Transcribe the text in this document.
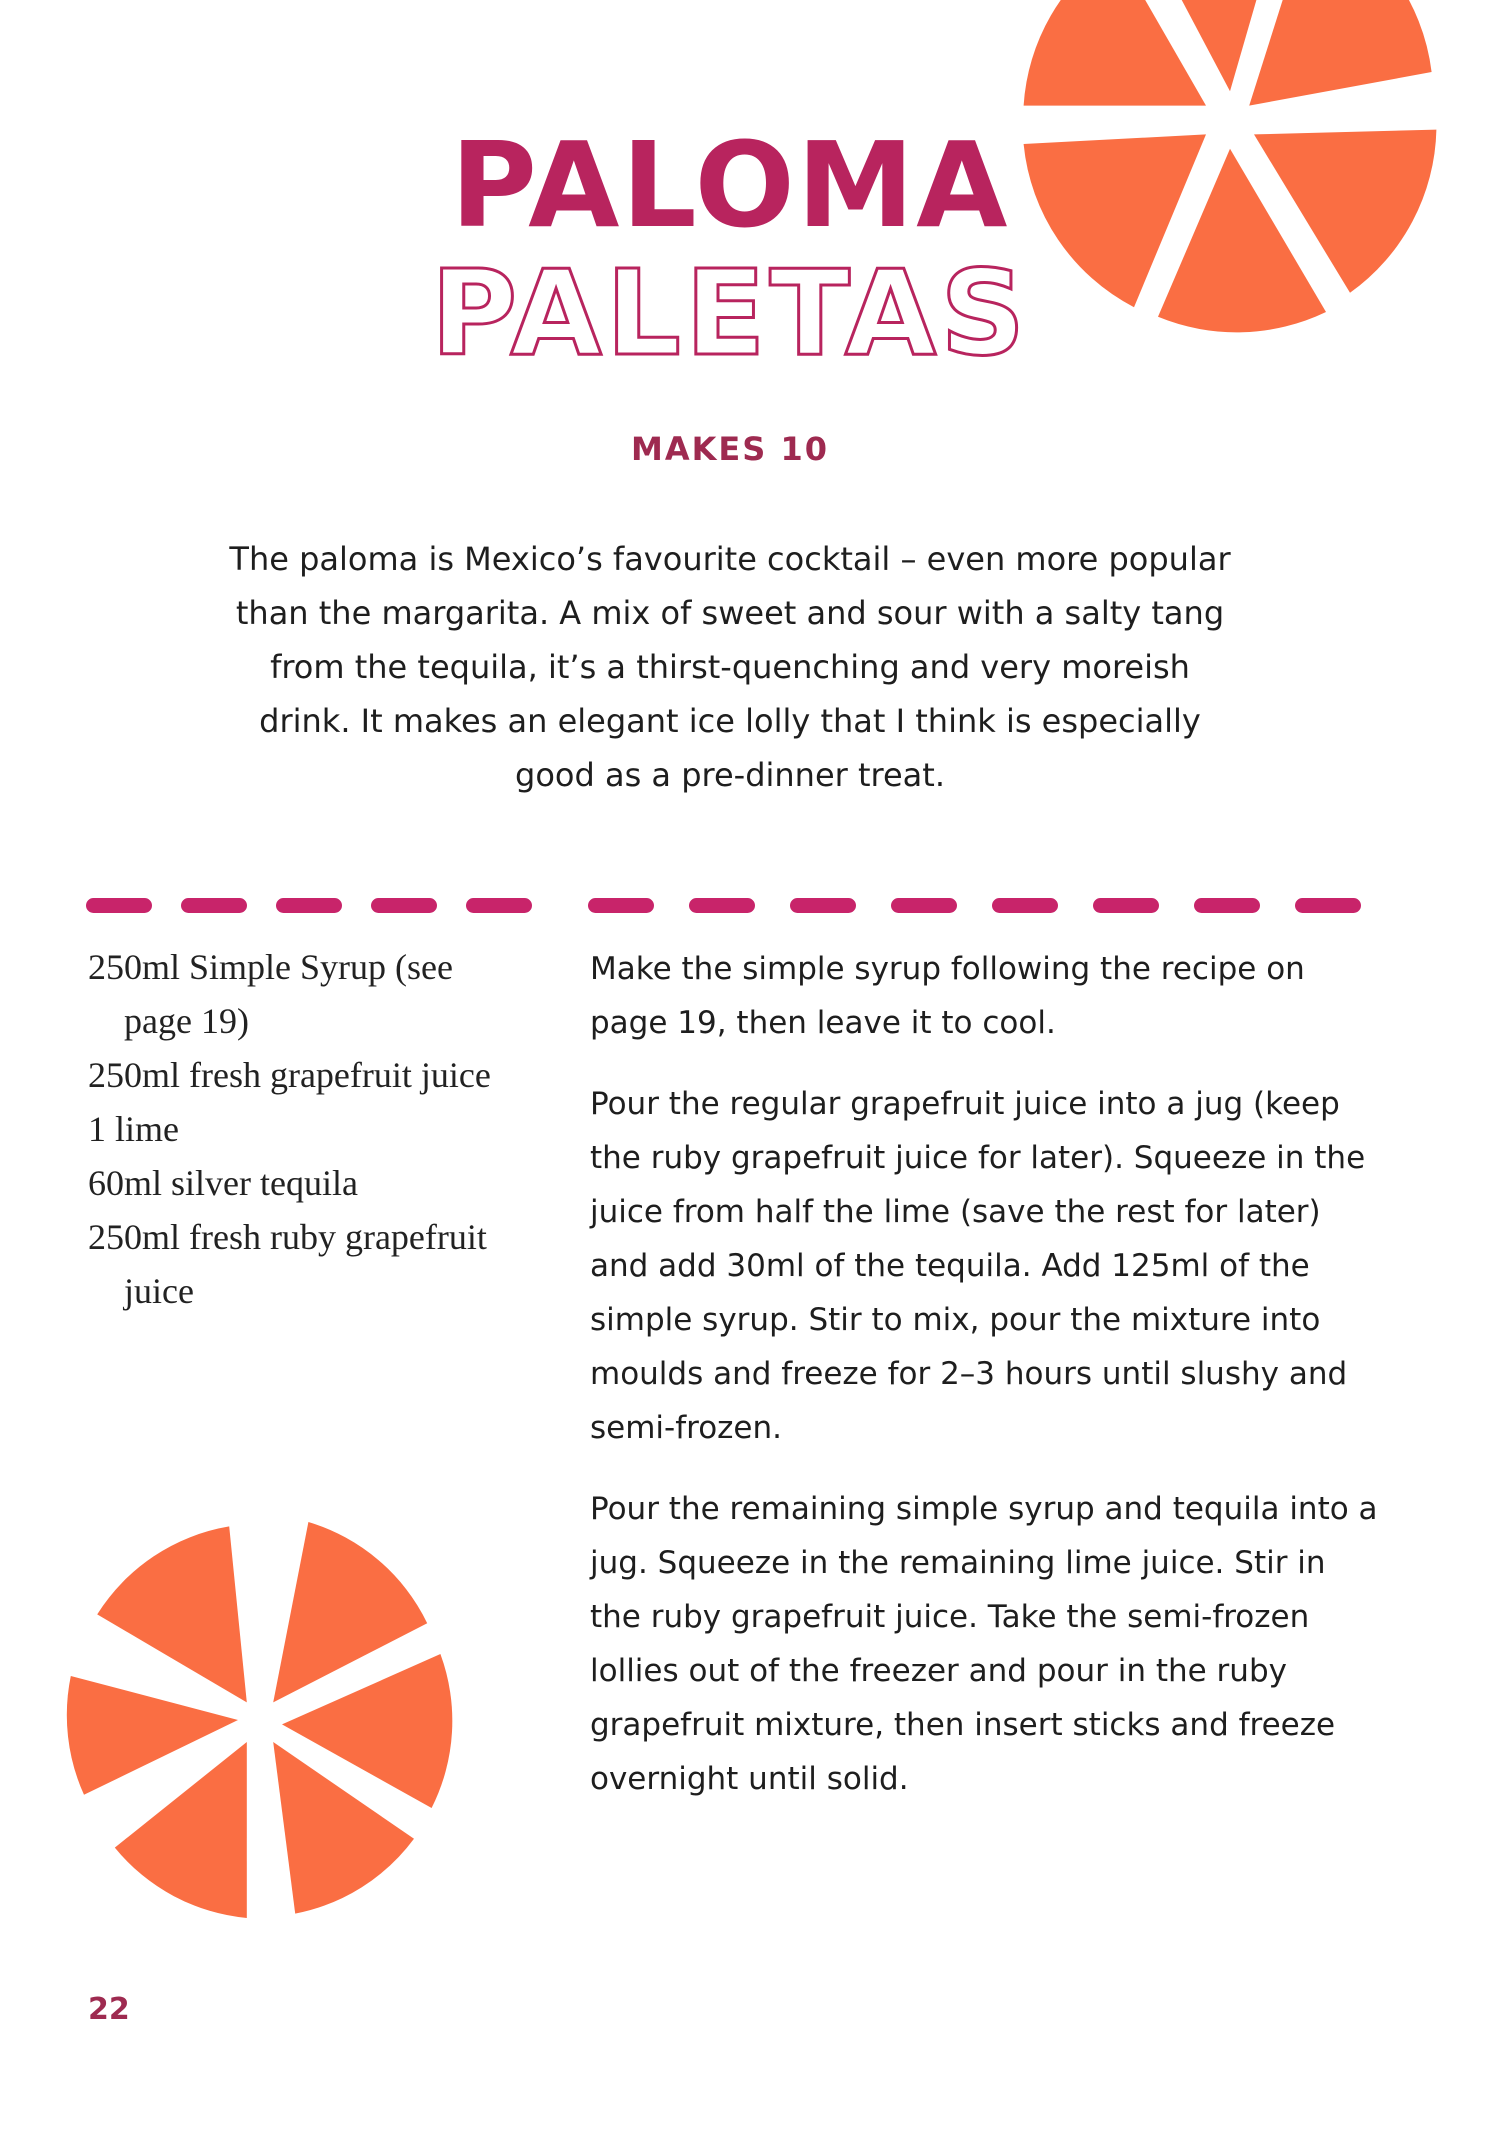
PALOMA
PALETAS
MAKES 10
The paloma is Mexico’s favourite cocktail – even more popular than the margarita. A mix of sweet and sour with a salty tang from the tequila, it’s a thirst-quenching and very moreish drink. It makes an elegant ice lolly that I think is especially good as a pre-dinner treat.
250ml Simple Syrup (see page 19)
250ml fresh grapefruit juice
1 lime
60ml silver tequila
250ml fresh ruby grapefruit juice

Make the simple syrup following the recipe on page 19, then leave it to cool.

Pour the regular grapefruit juice into a jug (keep the ruby grapefruit juice for later). Squeeze in the juice from half the lime (save the rest for later) and add 30ml of the tequila. Add 125ml of the simple syrup. Stir to mix, pour the mixture into moulds and freeze for 2–3 hours until slushy and semi-frozen.

Pour the remaining simple syrup and tequila into a jug. Squeeze in the remaining lime juice. Stir in the ruby grapefruit juice. Take the semi-frozen lollies out of the freezer and pour in the ruby grapefruit mixture, then insert sticks and freeze overnight until solid.

22
